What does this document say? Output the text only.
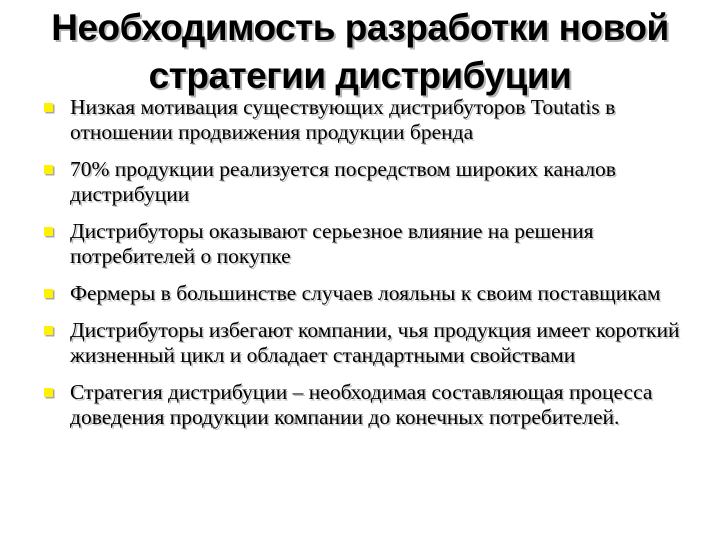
Необходимость разработки новой стратегии дистрибуции
Низкая мотивация существующих дистрибуторов Toutatis в отношении продвижения продукции бренда
70% продукции реализуется посредством широких каналов дистрибуции
Дистрибуторы оказывают серьезное влияние на решения потребителей о покупке
Фермеры в большинстве случаев лояльны к своим поставщикам
Дистрибуторы избегают компании, чья продукция имеет короткий жизненный цикл и обладает стандартными свойствами
Стратегия дистрибуции – необходимая составляющая процесса доведения продукции компании до конечных потребителей.
